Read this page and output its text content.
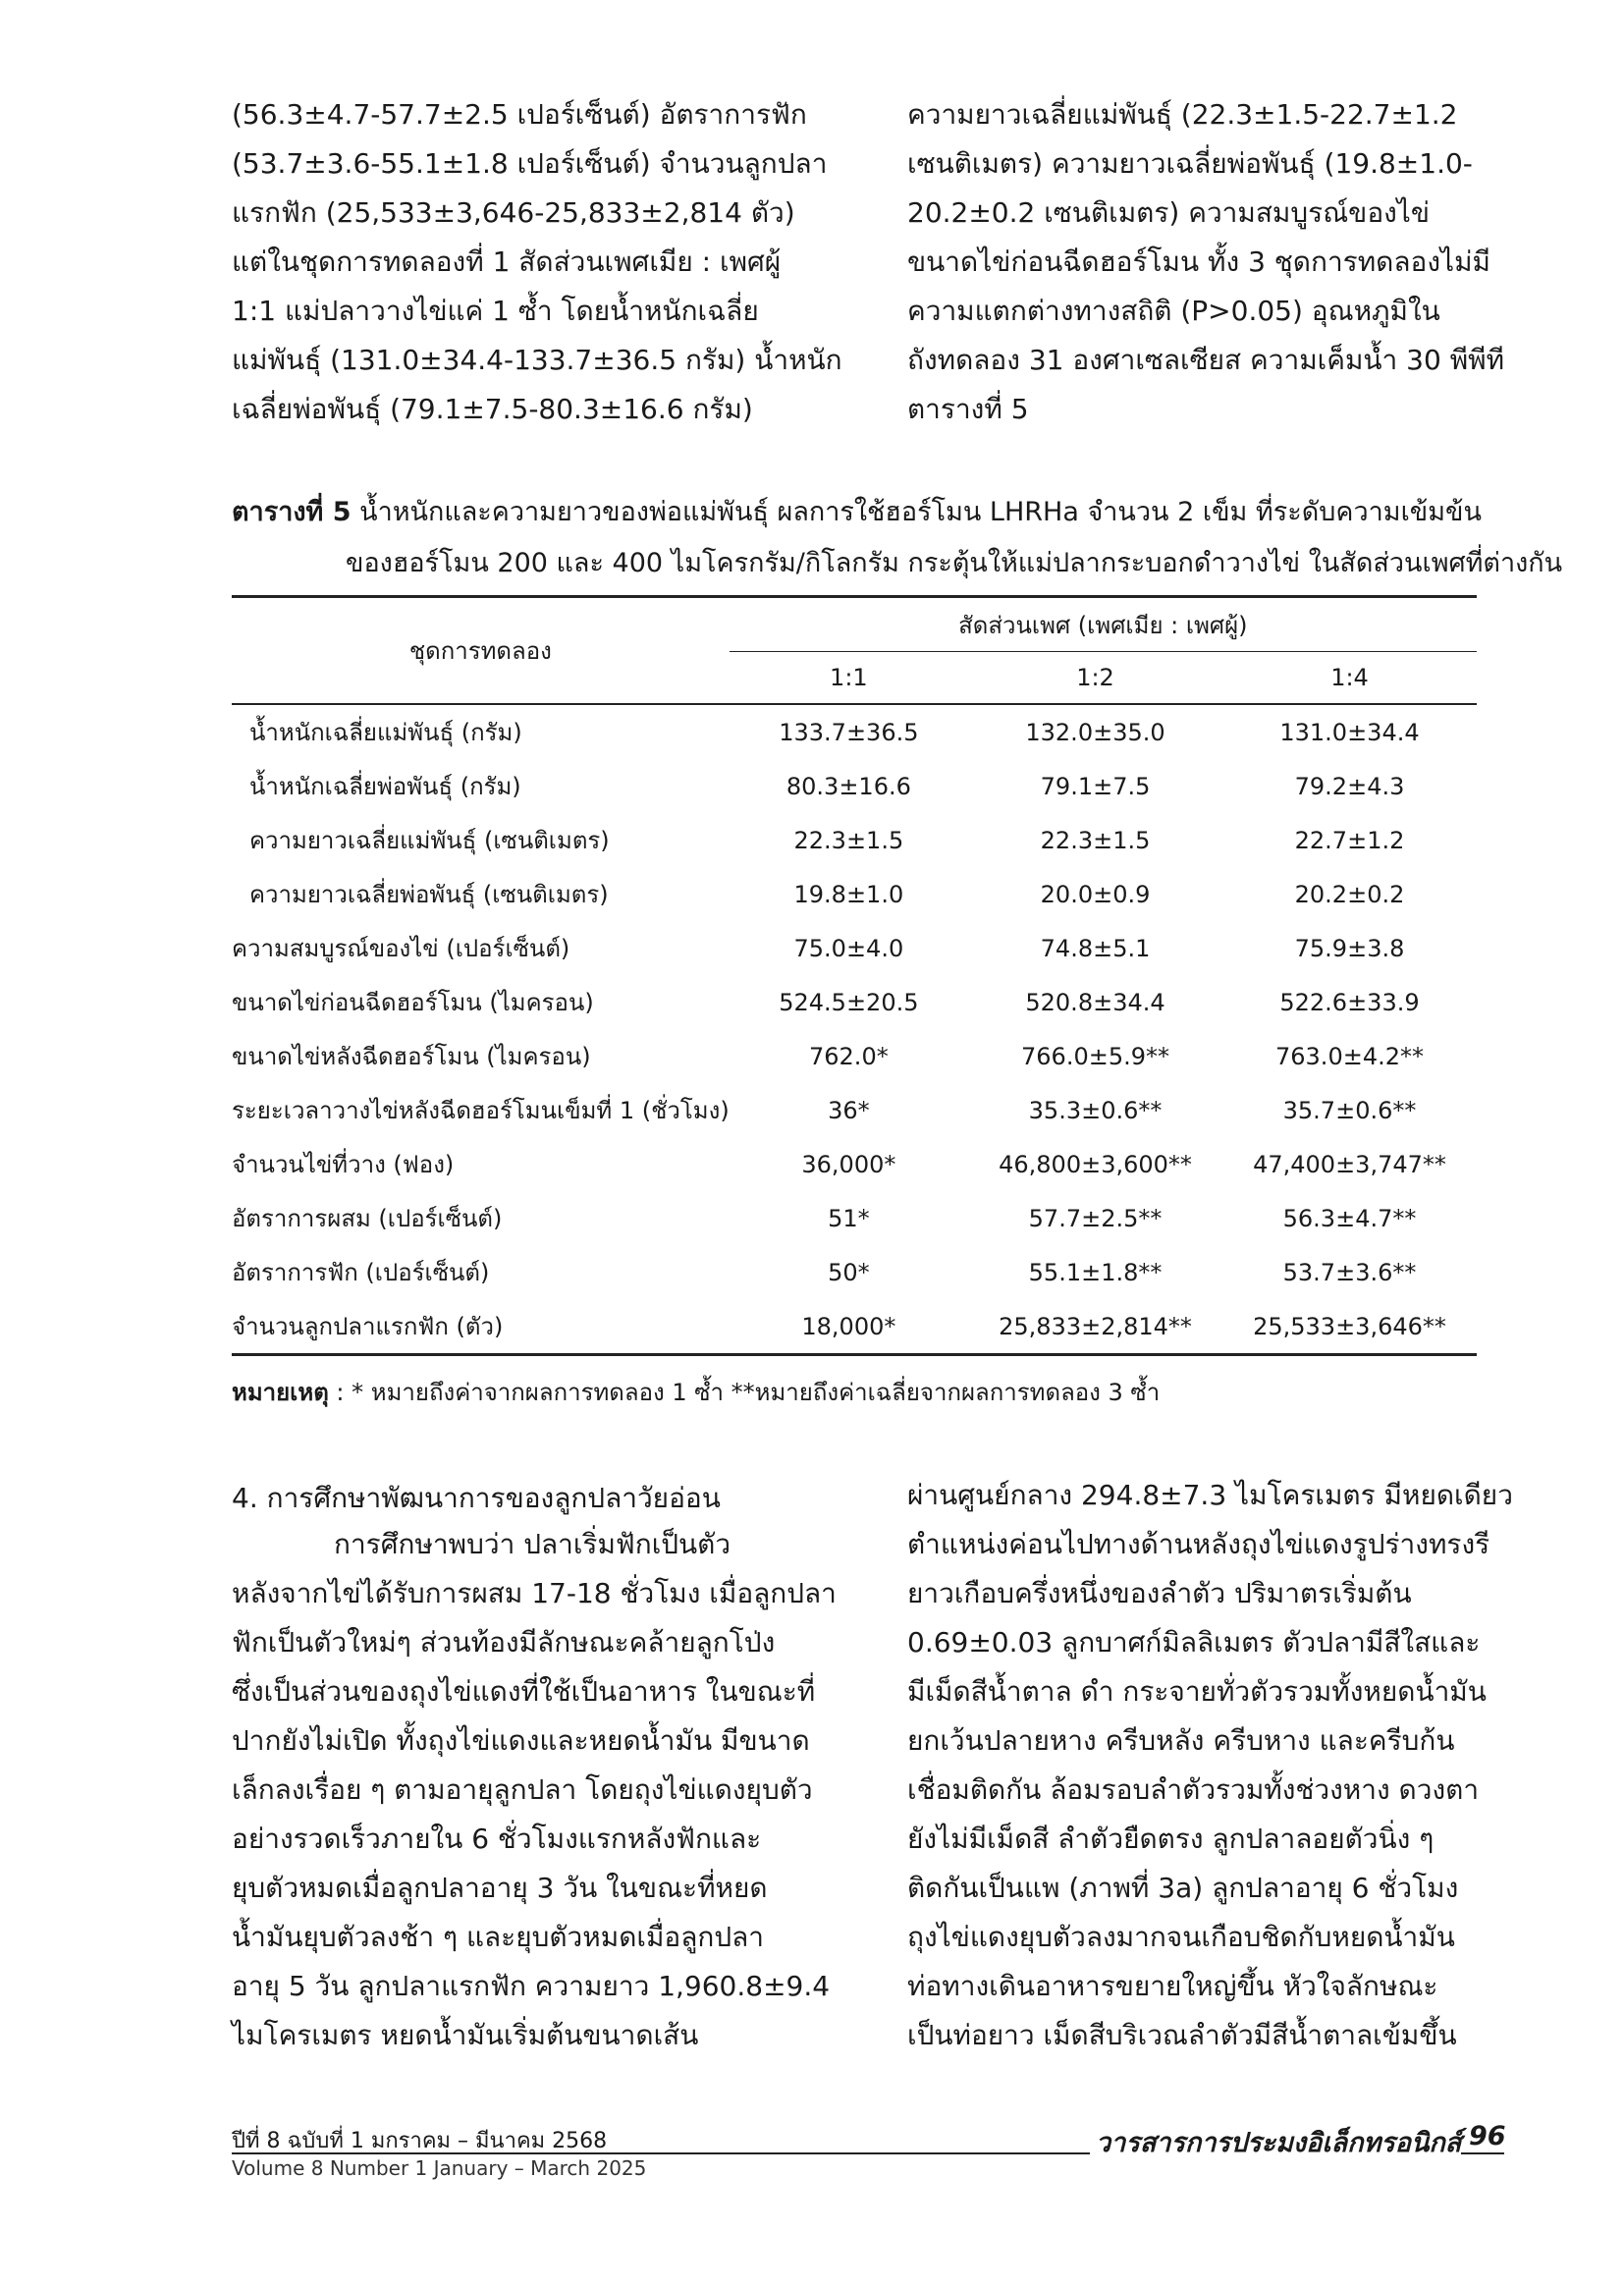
(56.3±4.7-57.7±2.5 เปอร์เซ็นต์) อัตราการฟัก
(53.7±3.6-55.1±1.8 เปอร์เซ็นต์) จำนวนลูกปลา
แรกฟัก (25,533±3,646-25,833±2,814 ตัว)
แต่ในชุดการทดลองที่ 1 สัดส่วนเพศเมีย : เพศผู้
1:1 แม่ปลาวางไข่แค่ 1 ซ้ำ โดยน้ำหนักเฉลี่ย
แม่พันธุ์ (131.0±34.4-133.7±36.5 กรัม) น้ำหนัก
เฉลี่ยพ่อพันธุ์ (79.1±7.5-80.3±16.6 กรัม)
ความยาวเฉลี่ยแม่พันธุ์ (22.3±1.5-22.7±1.2
เซนติเมตร) ความยาวเฉลี่ยพ่อพันธุ์ (19.8±1.0-
20.2±0.2 เซนติเมตร) ความสมบูรณ์ของไข่
ขนาดไข่ก่อนฉีดฮอร์โมน ทั้ง 3 ชุดการทดลองไม่มี
ความแตกต่างทางสถิติ (P>0.05) อุณหภูมิใน
ถังทดลอง 31 องศาเซลเซียส ความเค็มน้ำ 30 พีพีที
ตารางที่ 5
ตารางที่ 5 น้ำหนักและความยาวของพ่อแม่พันธุ์ ผลการใช้ฮอร์โมน LHRHa จำนวน 2 เข็ม ที่ระดับความเข้มข้น
ของฮอร์โมน 200 และ 400 ไมโครกรัม/กิโลกรัม กระตุ้นให้แม่ปลากระบอกดำวางไข่ ในสัดส่วนเพศที่ต่างกัน
ชุดการทดลอง	สัดส่วนเพศ (เพศเมีย : เพศผู้)		
	1:1	1:2	1:4
น้ำหนักเฉลี่ยแม่พันธุ์ (กรัม)	133.7±36.5	132.0±35.0	131.0±34.4
น้ำหนักเฉลี่ยพ่อพันธุ์ (กรัม)	80.3±16.6	79.1±7.5	79.2±4.3
ความยาวเฉลี่ยแม่พันธุ์ (เซนติเมตร)	22.3±1.5	22.3±1.5	22.7±1.2
ความยาวเฉลี่ยพ่อพันธุ์ (เซนติเมตร)	19.8±1.0	20.0±0.9	20.2±0.2
ความสมบูรณ์ของไข่ (เปอร์เซ็นต์)	75.0±4.0	74.8±5.1	75.9±3.8
ขนาดไข่ก่อนฉีดฮอร์โมน (ไมครอน)	524.5±20.5	520.8±34.4	522.6±33.9
ขนาดไข่หลังฉีดฮอร์โมน (ไมครอน)	762.0*	766.0±5.9**	763.0±4.2**
ระยะเวลาวางไข่หลังฉีดฮอร์โมนเข็มที่ 1 (ชั่วโมง)	36*	35.3±0.6**	35.7±0.6**
จำนวนไข่ที่วาง (ฟอง)	36,000*	46,800±3,600**	47,400±3,747**
อัตราการผสม (เปอร์เซ็นต์)	51*	57.7±2.5**	56.3±4.7**
อัตราการฟัก (เปอร์เซ็นต์)	50*	55.1±1.8**	53.7±3.6**
จำนวนลูกปลาแรกฟัก (ตัว)	18,000*	25,833±2,814**	25,533±3,646**
หมายเหตุ : * หมายถึงค่าจากผลการทดลอง 1 ซ้ำ **หมายถึงค่าเฉลี่ยจากผลการทดลอง 3 ซ้ำ
4. การศึกษาพัฒนาการของลูกปลาวัยอ่อน
การศึกษาพบว่า ปลาเริ่มฟักเป็นตัว
หลังจากไข่ได้รับการผสม 17-18 ชั่วโมง เมื่อลูกปลา
ฟักเป็นตัวใหม่ๆ ส่วนท้องมีลักษณะคล้ายลูกโป่ง
ซึ่งเป็นส่วนของถุงไข่แดงที่ใช้เป็นอาหาร ในขณะที่
ปากยังไม่เปิด ทั้งถุงไข่แดงและหยดน้ำมัน มีขนาด
เล็กลงเรื่อย ๆ ตามอายุลูกปลา โดยถุงไข่แดงยุบตัว
อย่างรวดเร็วภายใน 6 ชั่วโมงแรกหลังฟักและ
ยุบตัวหมดเมื่อลูกปลาอายุ 3 วัน ในขณะที่หยด
น้ำมันยุบตัวลงช้า ๆ และยุบตัวหมดเมื่อลูกปลา
อายุ 5 วัน ลูกปลาแรกฟัก ความยาว 1,960.8±9.4
ไมโครเมตร หยดน้ำมันเริ่มต้นขนาดเส้น
ผ่านศูนย์กลาง 294.8±7.3 ไมโครเมตร มีหยดเดียว
ตำแหน่งค่อนไปทางด้านหลังถุงไข่แดงรูปร่างทรงรี
ยาวเกือบครึ่งหนึ่งของลำตัว ปริมาตรเริ่มต้น
0.69±0.03 ลูกบาศก์มิลลิเมตร ตัวปลามีสีใสและ
มีเม็ดสีน้ำตาล ดำ กระจายทั่วตัวรวมทั้งหยดน้ำมัน
ยกเว้นปลายหาง ครีบหลัง ครีบหาง และครีบก้น
เชื่อมติดกัน ล้อมรอบลำตัวรวมทั้งช่วงหาง ดวงตา
ยังไม่มีเม็ดสี ลำตัวยืดตรง ลูกปลาลอยตัวนิ่ง ๆ
ติดกันเป็นแพ (ภาพที่ 3a) ลูกปลาอายุ 6 ชั่วโมง
ถุงไข่แดงยุบตัวลงมากจนเกือบชิดกับหยดน้ำมัน
ท่อทางเดินอาหารขยายใหญ่ขึ้น หัวใจลักษณะ
เป็นท่อยาว เม็ดสีบริเวณลำตัวมีสีน้ำตาลเข้มขึ้น
ปีที่ 8 ฉบับที่ 1 มกราคม – มีนาคม 2568
Volume 8 Number 1 January – March 2025
วารสารการประมงอิเล็กทรอนิกส์ 96
